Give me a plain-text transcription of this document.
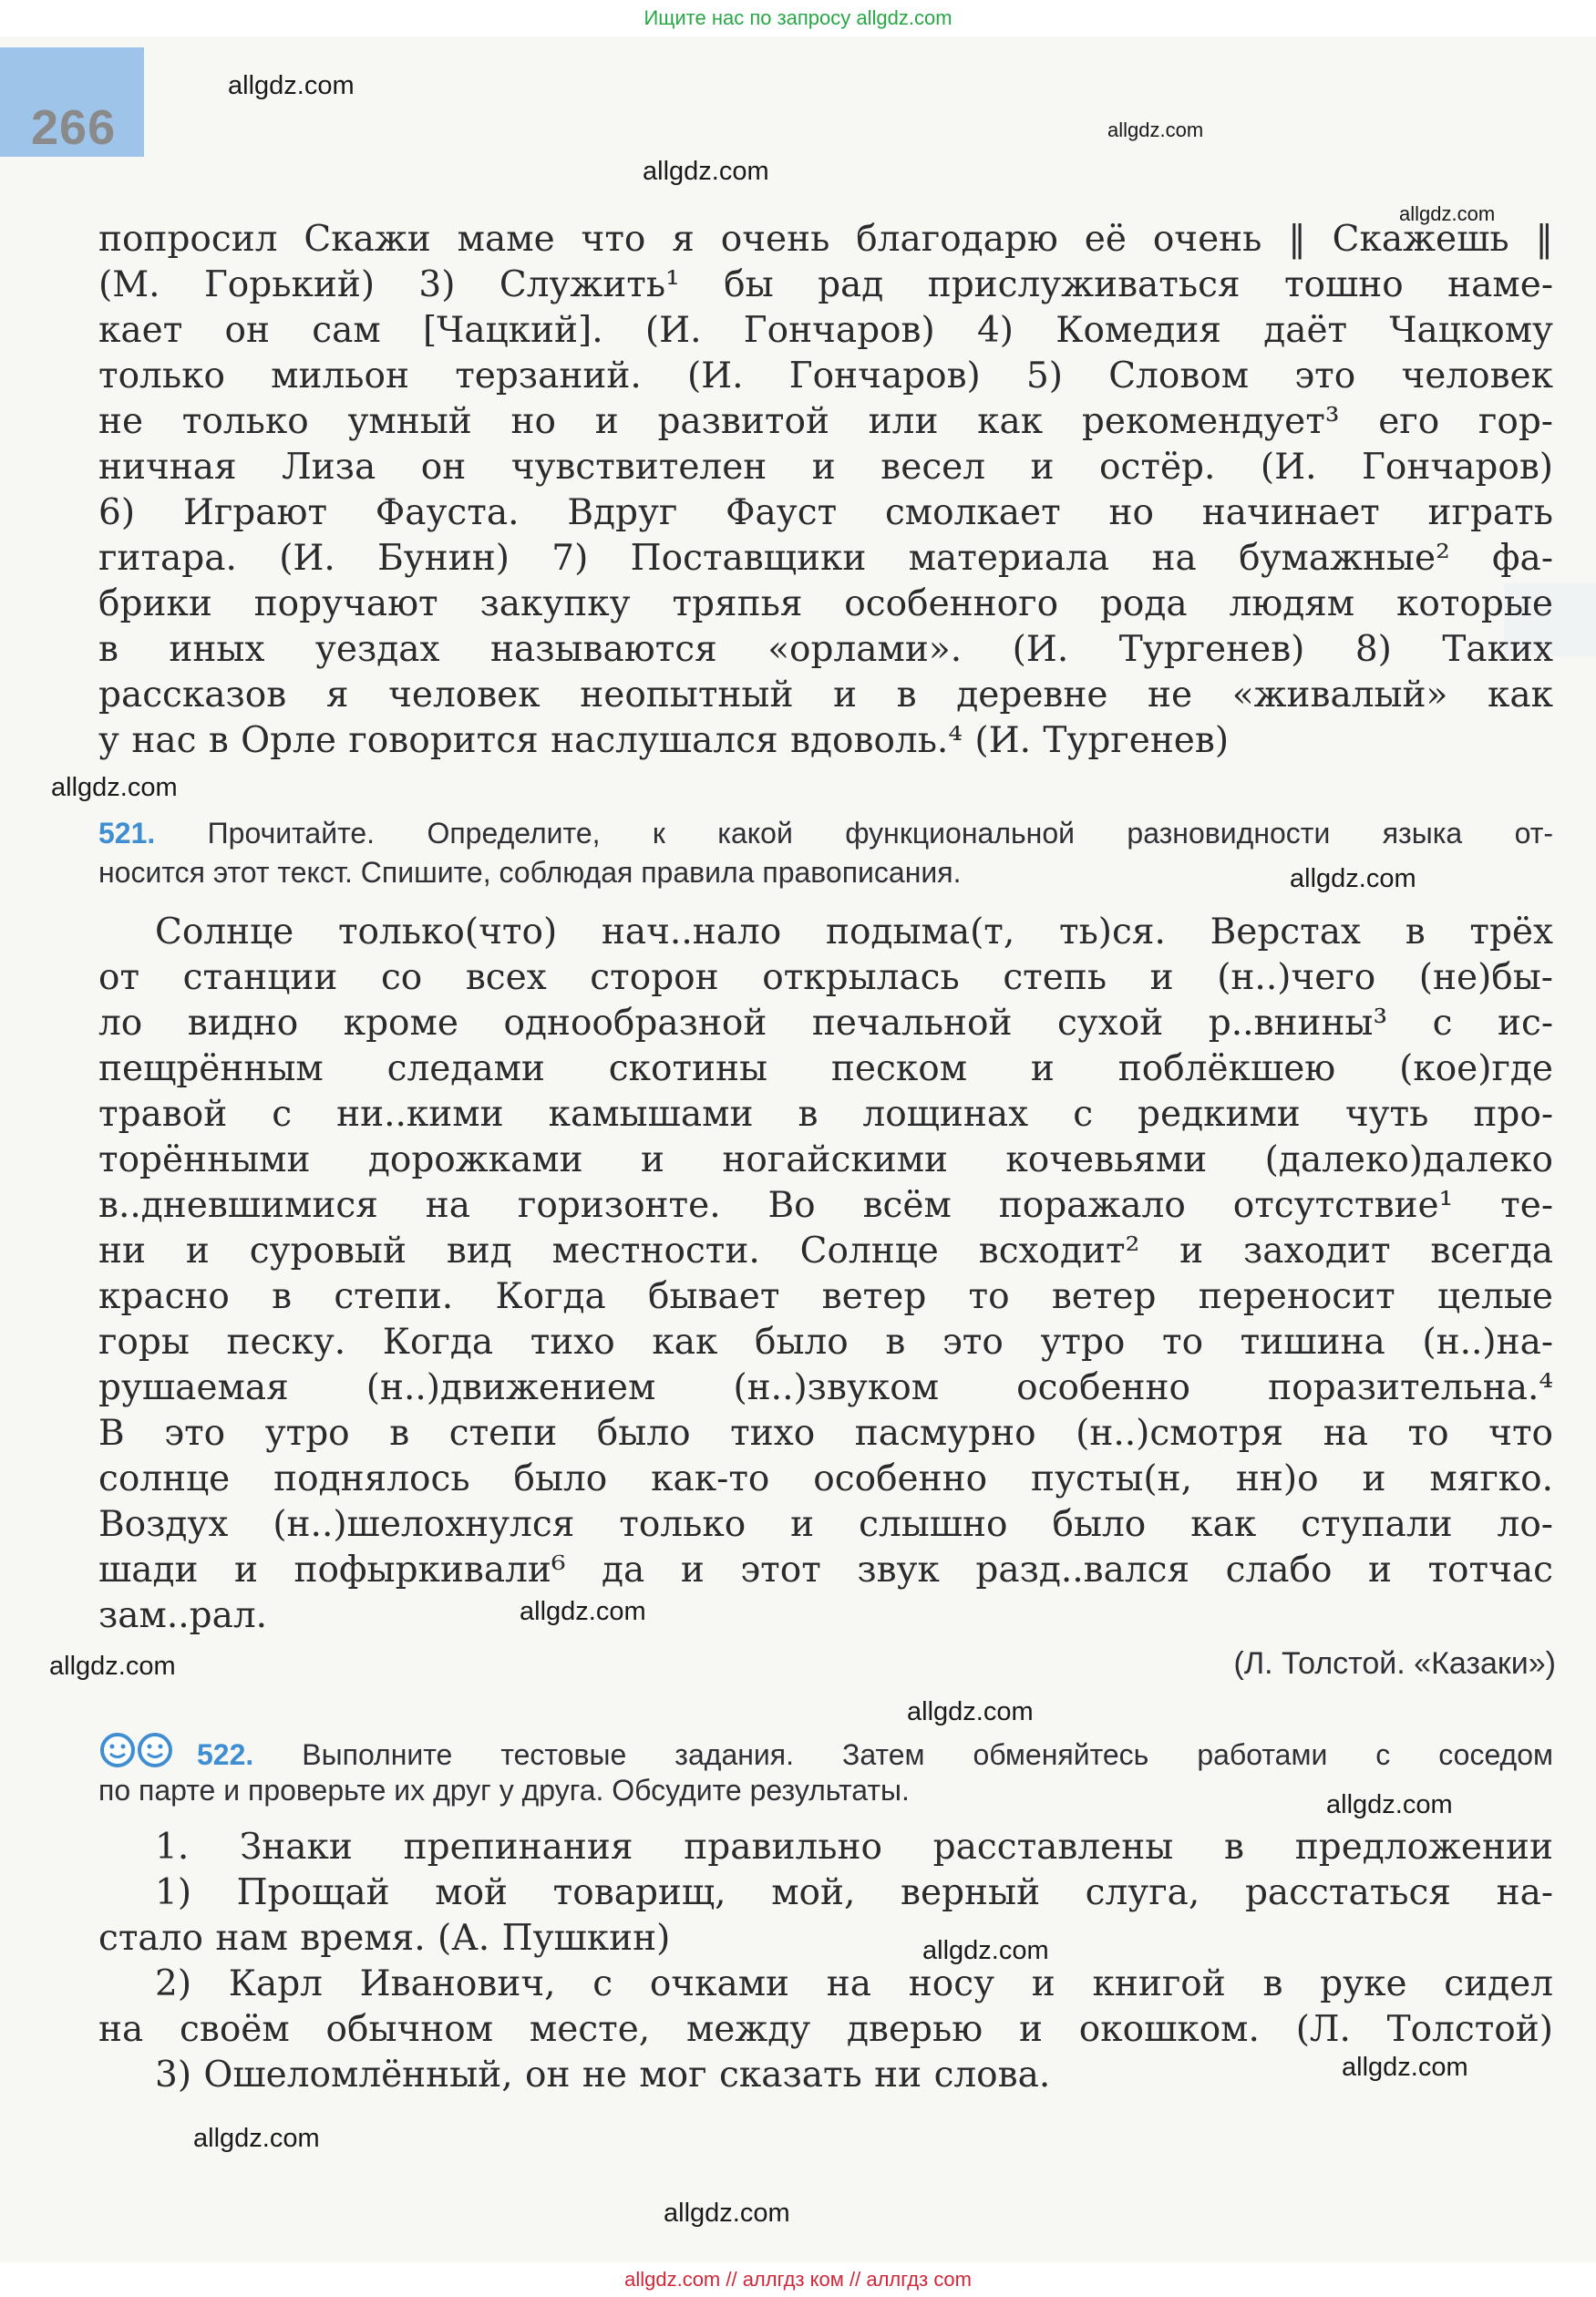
Ищите нас по запросу allgdz.com
266
allgdz.com
allgdz.com
allgdz.com
allgdz.com
allgdz.com
allgdz.com
allgdz.com
allgdz.com
allgdz.com
allgdz.com
allgdz.com
allgdz.com
allgdz.com
allgdz.com
попросил Скажи маме что я очень благодарю её очень ‖ Скажешь ‖
(М. Горький) 3) Служить¹ бы рад прислуживаться тошно наме-
кает он сам [Чацкий]. (И. Гончаров) 4) Комедия даёт Чацкому
только мильон терзаний. (И. Гончаров) 5) Словом это человек
не только умный но и развитой или как рекомендует³ его гор-
ничная Лиза он чувствителен и весел и остёр. (И. Гончаров)
6) Играют Фауста. Вдруг Фауст смолкает но начинает играть
гитара. (И. Бунин) 7) Поставщики материала на бумажные² фа-
брики поручают закупку тряпья особенного рода людям которые
в иных уездах называются «орлами». (И. Тургенев) 8) Таких
рассказов я человек неопытный и в деревне не «живалый» как
у нас в Орле говорится наслушался вдоволь.⁴ (И. Тургенев)
521. Прочитайте. Определите, к какой функциональной разновидности языка от-
носится этот текст. Спишите, соблюдая правила правописания.
Солнце только(что) нач..нало подыма(т, ть)ся. Верстах в трёх
от станции со всех сторон открылась степь и (н..)чего (не)бы-
ло видно кроме однообразной печальной сухой р..внины³ с ис-
пещрённым следами скотины песком и поблёкшею (кое)где
травой с ни..кими камышами в лощинах с редкими чуть про-
торёнными дорожками и ногайскими кочевьями (далеко)далеко
в..дневшимися на горизонте. Во всём поражало отсутствие¹ те-
ни и суровый вид местности. Солнце всходит² и заходит всегда
красно в степи. Когда бывает ветер то ветер переносит целые
горы песку. Когда тихо как было в это утро то тишина (н..)на-
рушаемая (н..)движением (н..)звуком особенно поразительна.⁴
В это утро в степи было тихо пасмурно (н..)смотря на то что
солнце поднялось было как-то особенно пусты(н, нн)о и мягко.
Воздух (н..)шелохнулся только и слышно было как ступали ло-
шади и пофыркивали⁶ да и этот звук разд..вался слабо и тотчас
зам..рал.
(Л. Толстой. «Казаки»)
522. Выполните тестовые задания. Затем обменяйтесь работами с соседом
по парте и проверьте их друг у друга. Обсудите результаты.
1. Знаки препинания правильно расставлены в предложении
1) Прощай мой товарищ, мой, верный слуга, расстаться на-
стало нам время. (А. Пушкин)
2) Карл Иванович, с очками на носу и книгой в руке сидел
на своём обычном месте, между дверью и окошком. (Л. Толстой)
3) Ошеломлённый, он не мог сказать ни слова.
allgdz.com // аллгдз ком // аллгдз com
